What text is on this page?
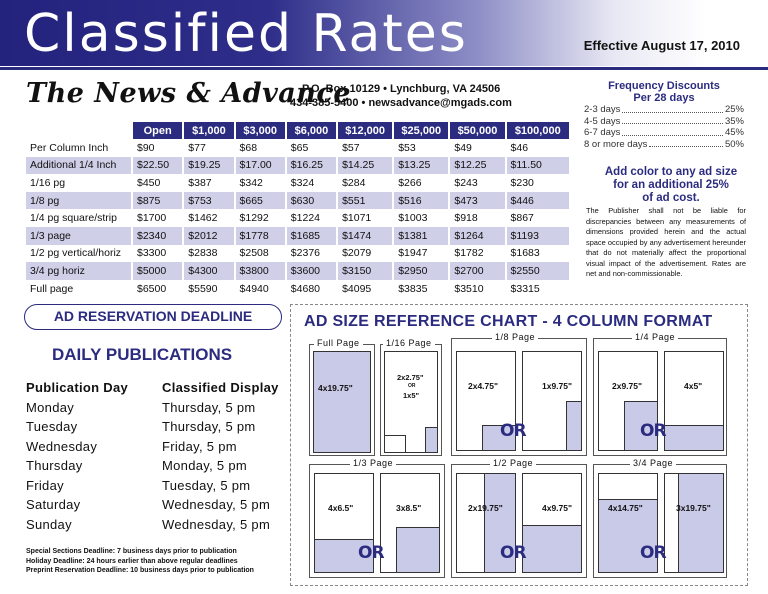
Classified Rates	Effective August 17, 2010
The News & Advance
P.O. Box 10129 • Lynchburg, VA 24506
434-385-5400 • newsadvance@mgads.com
	Open	$1,000	$3,000	$6,000	$12,000	$25,000	$50,000	$100,000
Per Column Inch	$90	$77	$68	$65	$57	$53	$49	$46
Additional 1/4 Inch	$22.50	$19.25	$17.00	$16.25	$14.25	$13.25	$12.25	$11.50
1/16 pg	$450	$387	$342	$324	$284	$266	$243	$230
1/8 pg	$875	$753	$665	$630	$551	$516	$473	$446
1/4 pg square/strip	$1700	$1462	$1292	$1224	$1071	$1003	$918	$867
1/3 page	$2340	$2012	$1778	$1685	$1474	$1381	$1264	$1193
1/2 pg vertical/horiz	$3300	$2838	$2508	$2376	$2079	$1947	$1782	$1683
3/4 pg horiz	$5000	$4300	$3800	$3600	$3150	$2950	$2700	$2550
Full page	$6500	$5590	$4940	$4680	$4095	$3835	$3510	$3315
Frequency Discounts
Per 28 days
2-3 days	25%
4-5 days	35%
6-7 days	45%
8 or more days	50%
Add color to any ad size
for an additional 25%
of ad cost.
The Publisher shall not be liable for discrepancies between any measurements of dimensions provided herein and the actual space occupied by any advertisement hereunder that do not materially affect the proportional visual impact of the advertisement. Rates are net and non-commissionable.
AD RESERVATION DEADLINE
DAILY PUBLICATIONS
Publication Day	Classified Display
Monday	Thursday, 5 pm
Tuesday	Thursday, 5 pm
Wednesday	Friday, 5 pm
Thursday	Monday, 5 pm
Friday	Tuesday, 5 pm
Saturday	Wednesday, 5 pm
Sunday	Wednesday, 5 pm
Special Sections Deadline: 7 business days prior to publication
Holiday Deadline: 24 hours earlier than above regular deadlines
Preprint Reservation Deadline: 10 business days prior to publication
AD SIZE REFERENCE CHART - 4 COLUMN FORMAT
Full Page
4x19.75"
1/16 Page
2x2.75"
OR
1x5"
1/8 Page
2x4.75"	1x9.75"
OR
1/4 Page
2x9.75"	4x5"
OR
1/3 Page
4x6.5"	3x8.5"
OR
1/2 Page
2x19.75"	4x9.75"
OR
3/4 Page
4x14.75"	3x19.75"
OR
